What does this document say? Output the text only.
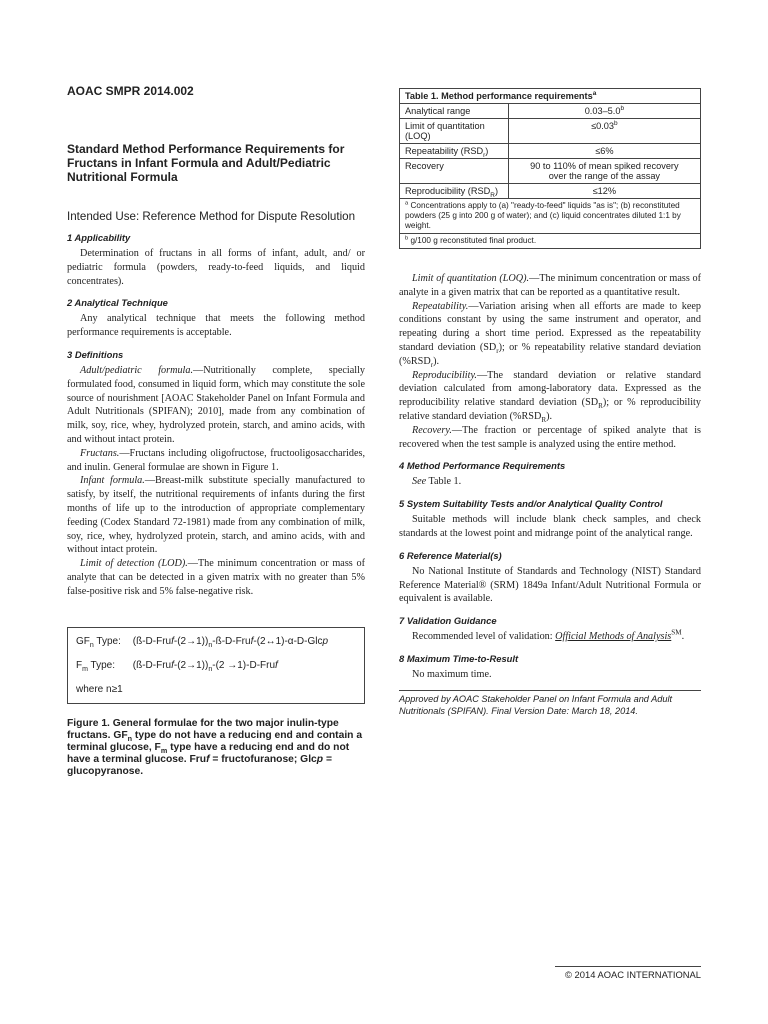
AOAC SMPR 2014.002
Standard Method Performance Requirements for Fructans in Infant Formula and Adult/Pediatric Nutritional Formula

Intended Use: Reference Method for Dispute Resolution

1 Applicability

Determination of fructans in all forms of infant, adult, and/ or pediatric formula (powders, ready-to-feed liquids, and liquid concentrates).

2 Analytical Technique

Any analytical technique that meets the following method performance requirements is acceptable.

3 Definitions

Adult/pediatric formula.—Nutritionally complete, specially formulated food, consumed in liquid form, which may constitute the sole source of nourishment [AOAC Stakeholder Panel on Infant Formula and Adult Nutritionals (SPIFAN); 2010], made from any combination of milk, soy, rice, whey, hydrolyzed protein, starch, and amino acids, with and without intact protein.

Fructans.—Fructans including oligofructose, fructooligosaccharides, and inulin. General formulae are shown in Figure 1.

Infant formula.—Breast-milk substitute specially manufactured to satisfy, by itself, the nutritional requirements of infants during the first months of life up to the introduction of appropriate complementary feeding (Codex Standard 72-1981) made from any combination of milk, soy, rice, whey, hydrolyzed protein, starch, and amino acids, with and without intact protein.

Limit of detection (LOD).—The minimum concentration or mass of analyte that can be detected in a given matrix with no greater than 5% false-positive risk and 5% false-negative risk.

$GF_n$ Type: $(ß-D-Fruf-(2\to 1))_n-ß-D-Fruf-(2\leftrightarrow 1)-\alpha-D$-Glcp
$F_m$ Type: $(ß-D-Fruf-(2\to 1))_n-(2$ →1)-D-Fruf
where n≥1

Figure 1. General formulae for the two major inulin-type fructans. $GF_n$ type do not have a reducing end and contain a terminal glucose, $F_m$ type have a reducing end and do not have a terminal glucose. Fruf = fructofuranose; Glcp = glucopyranose.

Table 1. Method performance requirements$^a$
Analytical range	0.03–5.0$^b$
Limit of quantitation (LOQ)	≤0.03$^b$
Repeatability $(RSD_r)$	≤6%
Recovery	90 to 110% of mean spiked recovery over the range of the assay
Reproducibility $(RSD_R)$	≤12%
$^a$ Concentrations apply to (a) "ready-to-feed" liquids "as is"; (b) reconstituted powders (25 g into 200 g of water); and (c) liquid concentrates diluted 1:1 by weight.	
$^b$ g/100 g reconstituted final product.	

Limit of quantitation (LOQ).—The minimum concentration or mass of analyte in a given matrix that can be reported as a quantitative result.

Repeatability.—Variation arising when all efforts are made to keep conditions constant by using the same instrument and operator, and repeating during a short time period. Expressed as the repeatability standard deviation $(SD_r)$; or % repeatability relative standard deviation $(\%RSD_r)$.

Reproducibility.—The standard deviation or relative standard deviation calculated from among-laboratory data. Expressed as the reproducibility relative standard deviation $(SD_R)$; or % reproducibility relative standard deviation $(\%RSD_R)$.

Recovery.—The fraction or percentage of spiked analyte that is recovered when the test sample is analyzed using the entire method.

4 Method Performance Requirements

See Table 1.

5 System Suitability Tests and/or Analytical Quality Control

Suitable methods will include blank check samples, and check standards at the lowest point and midrange point of the analytical range.

6 Reference Material(s)

No National Institute of Standards and Technology (NIST) Standard Reference Material® (SRM) 1849a Infant/Adult Nutritional Formula or equivalent is available.

7 Validation Guidance

Recommended level of validation: Official Methods of Analysis℠.

8 Maximum Time-to-Result

No maximum time.

Approved by AOAC Stakeholder Panel on Infant Formula and Adult Nutritionals (SPIFAN). Final Version Date: March 18, 2014.
© 2014 AOAC INTERNATIONAL
